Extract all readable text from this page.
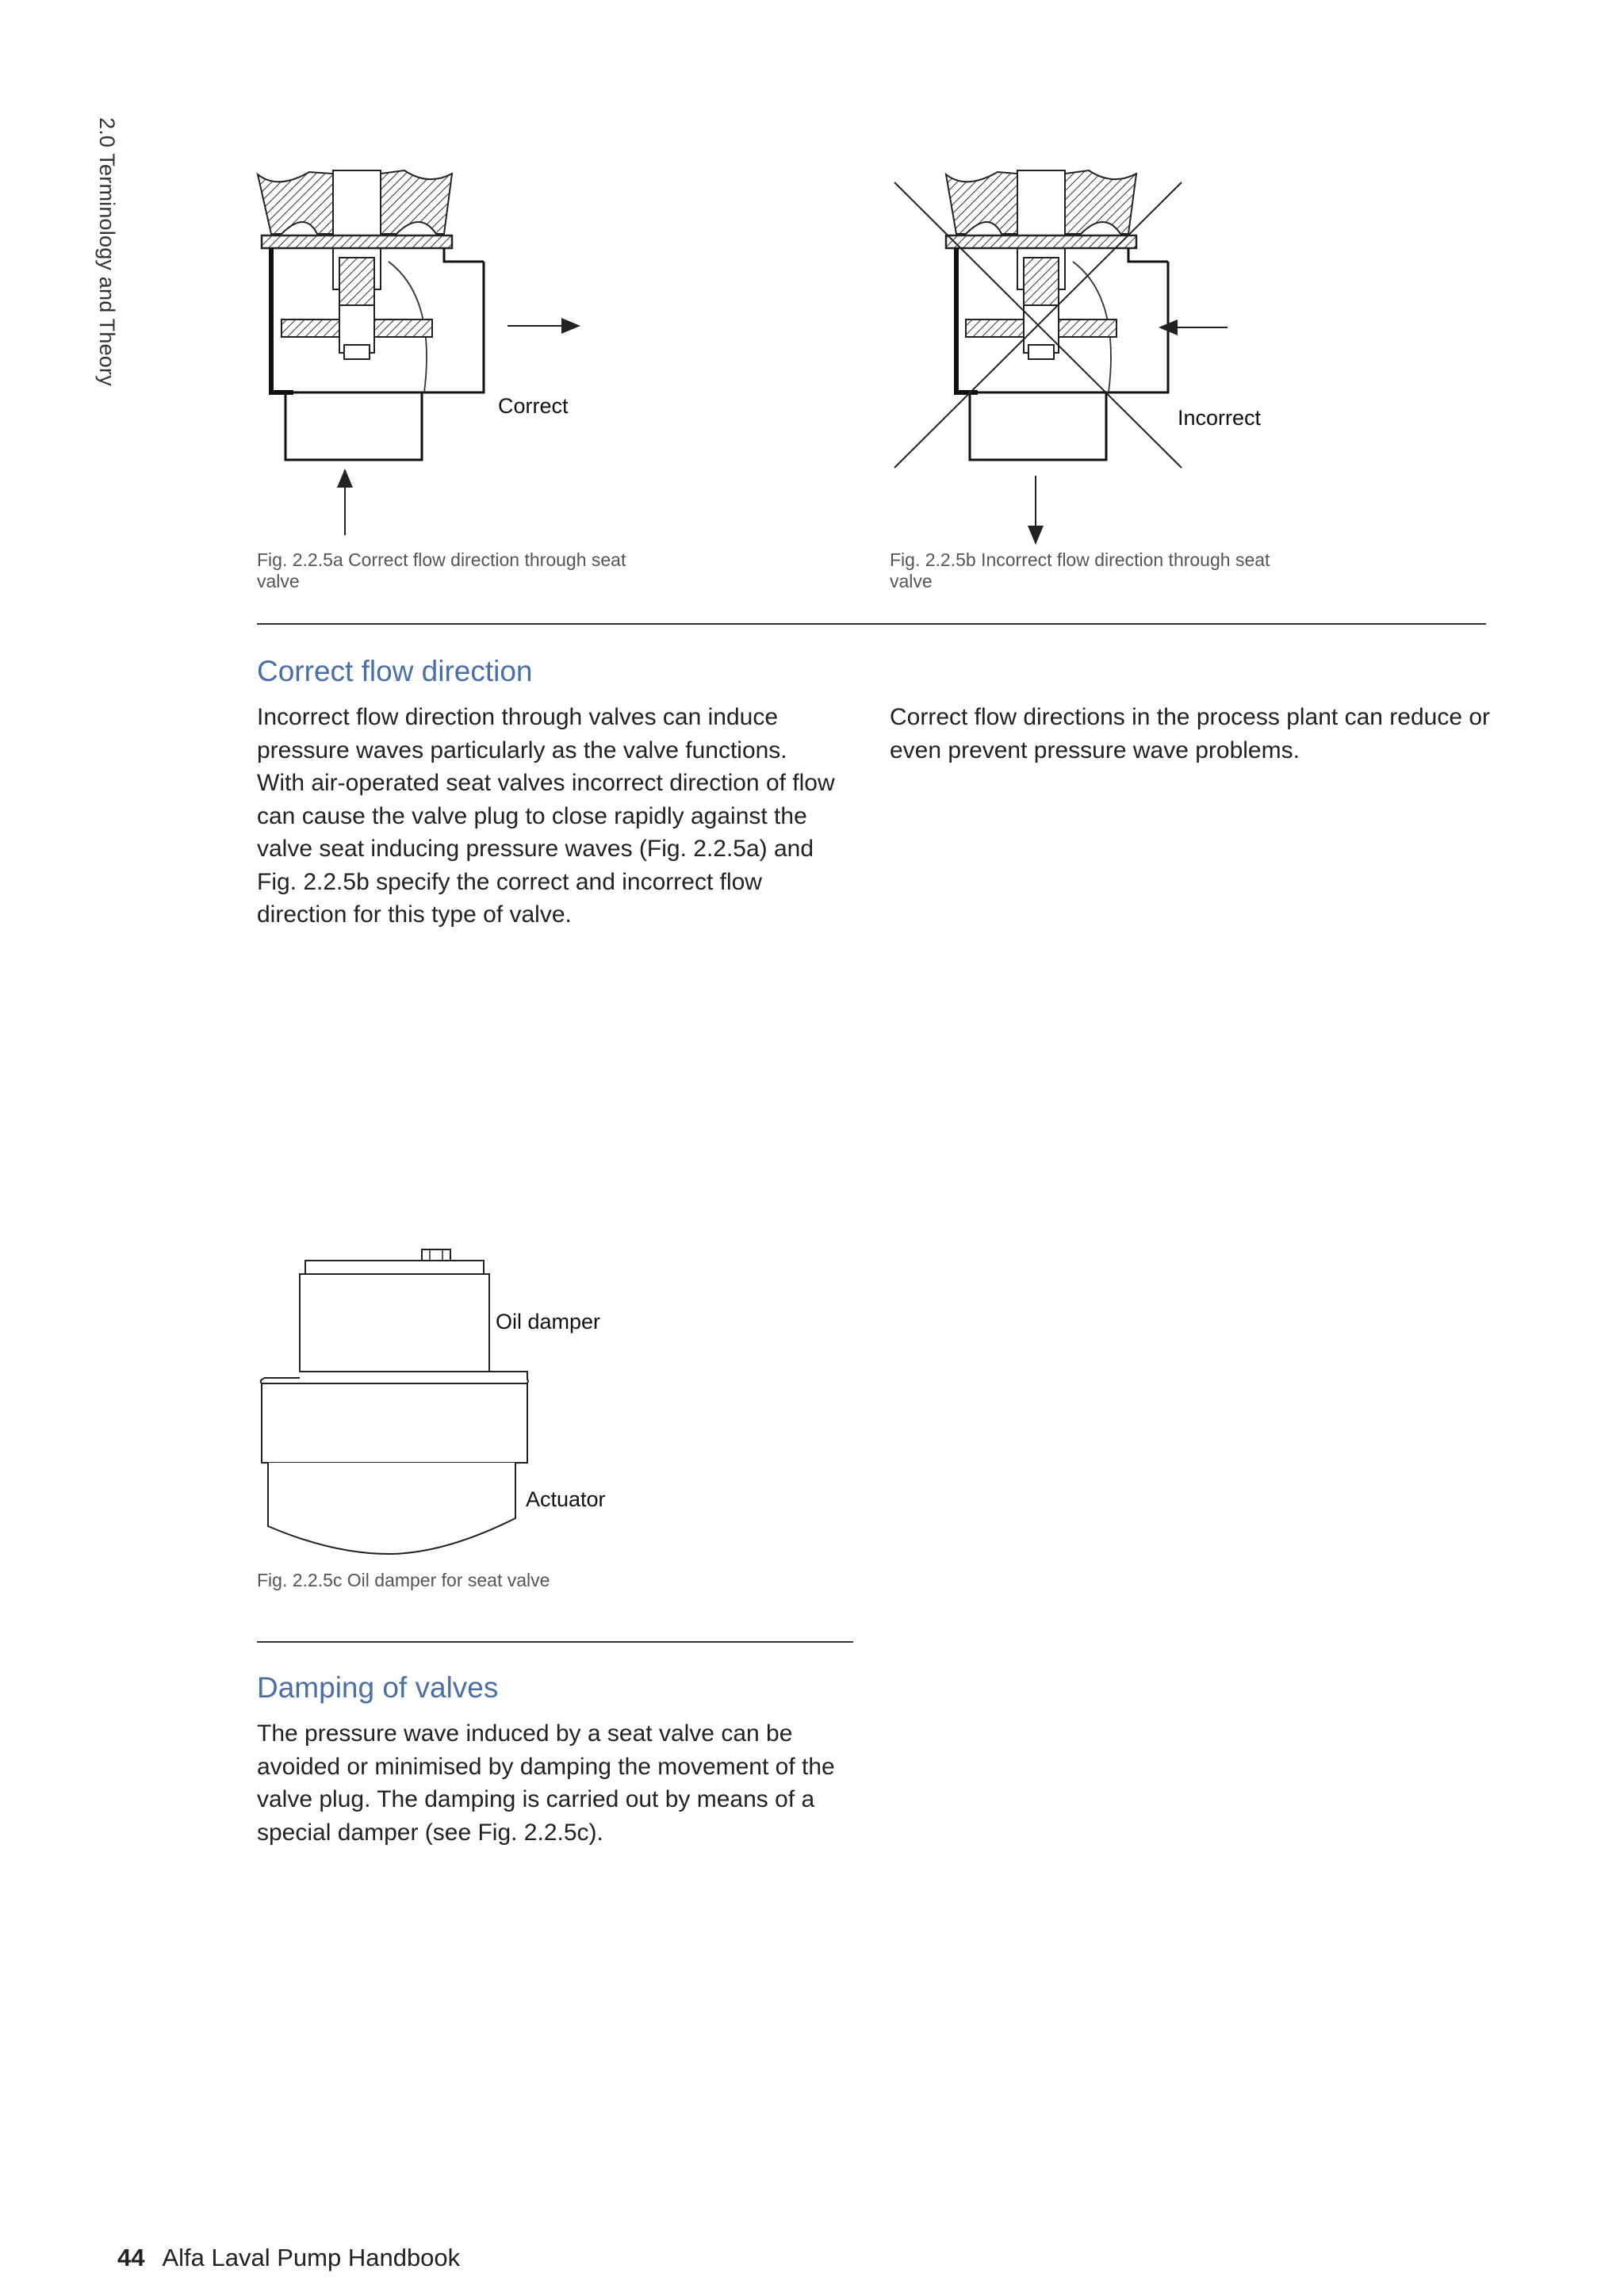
2.0 Terminology and Theory
Correct
Fig. 2.2.5a Correct flow direction through seat valve
Incorrect
Fig. 2.2.5b Incorrect flow direction through seat valve
Correct flow direction

Incorrect flow direction through valves can induce pressure waves particularly as the valve functions. With air-operated seat valves incorrect direction of flow can cause the valve plug to close rapidly against the valve seat inducing pressure waves (Fig. 2.2.5a) and Fig. 2.2.5b specify the correct and incorrect flow direction for this type of valve.

Correct flow directions in the process plant can reduce or even prevent pressure wave problems.

Oil damper
Actuator
Fig. 2.2.5c Oil damper for seat valve
Damping of valves

The pressure wave induced by a seat valve can be avoided or minimised by damping the movement of the valve plug. The damping is carried out by means of a special damper (see Fig. 2.2.5c).

44 Alfa Laval Pump Handbook
